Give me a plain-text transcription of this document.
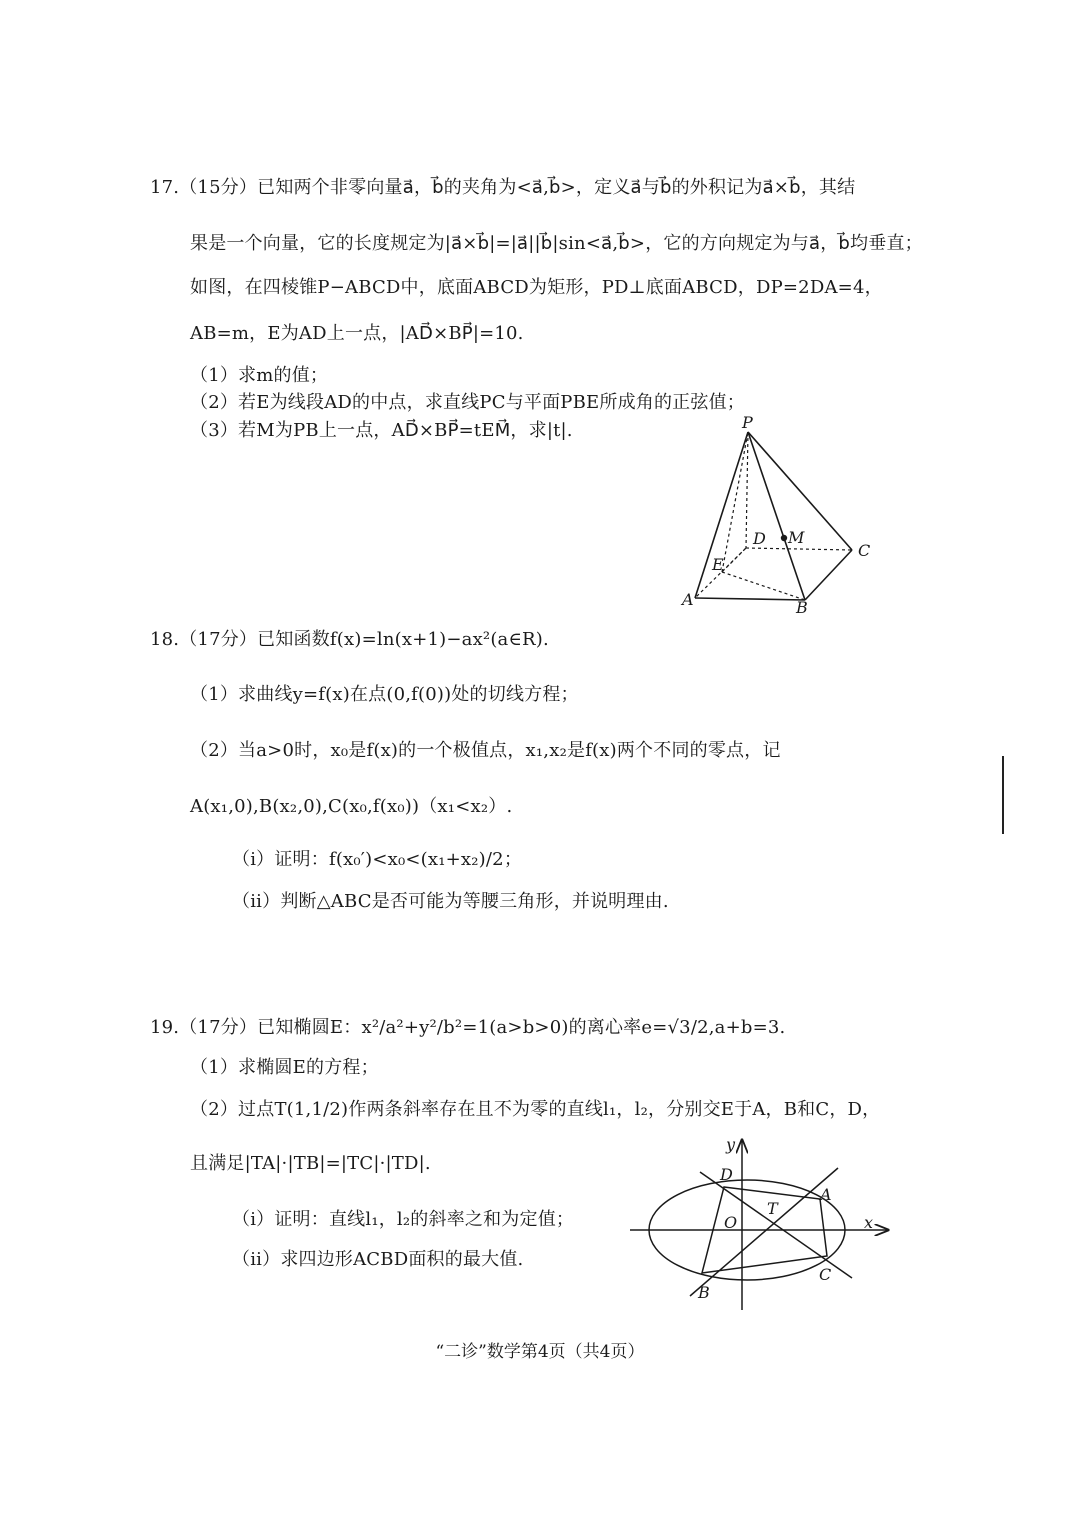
17.（15分）已知两个非零向量a⃗，b⃗的夹角为<a⃗,b⃗>，定义a⃗与b⃗的外积记为a⃗×b⃗，其结
果是一个向量，它的长度规定为|a⃗×b⃗|=|a⃗||b⃗|sin<a⃗,b⃗>，它的方向规定为与a⃗，b⃗均垂直；
如图，在四棱锥P−ABCD中，底面ABCD为矩形，PD⊥底面ABCD，DP=2DA=4，
AB=m，E为AD上一点，|AD⃗×BP⃗|=10.
（1）求m的值；
（2）若E为线段AD的中点，求直线PC与平面PBE所成角的正弦值；
（3）若M为PB上一点，AD⃗×BP⃗=tEM⃗，求|t|.	P
D M
C
E
A	B
18.（17分）已知函数f(x)=ln(x+1)−ax²(a∈R).
（1）求曲线y=f(x)在点(0,f(0))处的切线方程；
（2）当a>0时，x₀是f(x)的一个极值点，x₁,x₂是f(x)两个不同的零点，记
A(x₁,0),B(x₂,0),C(x₀,f(x₀))（x₁<x₂）.
（i）证明：f(x₀′)<x₀<(x₁+x₂)/2；
（ii）判断△ABC是否可能为等腰三角形，并说明理由.
19.（17分）已知椭圆E：x²/a²+y²/b²=1(a>b>0)的离心率e=√3/2,a+b=3.
（1）求椭圆E的方程；
（2）过点T(1,1/2)作两条斜率存在且不为零的直线l₁，l₂，分别交E于A，B和C，D，
且满足|TA|·|TB|=|TC|·|TD|.
（i）证明：直线l₁，l₂的斜率之和为定值；
（ii）求四边形ACBD面积的最大值.
y
x
D
A
O
T
C
B
“二诊”数学第4页（共4页）
